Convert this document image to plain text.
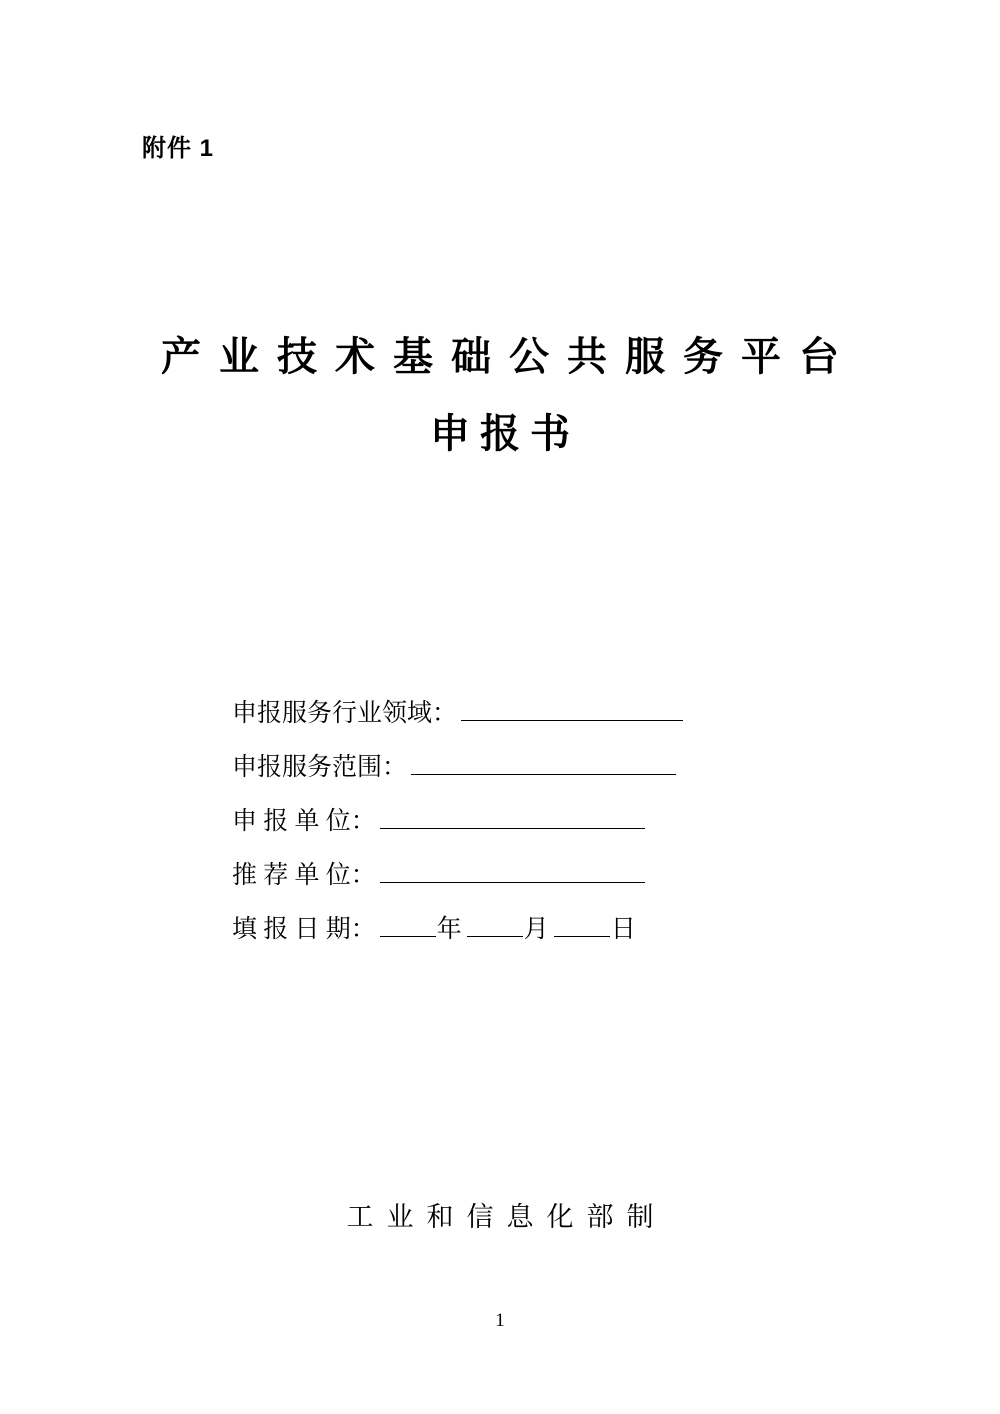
附件 1
产业技术基础公共服务平台
申报书
申报服务行业领域 ：
申报服务范围 ：
申 报 单 位 ：
推 荐 单 位 ：
填 报 日 期 ： 年 月 日
工业和信息化部制
1
